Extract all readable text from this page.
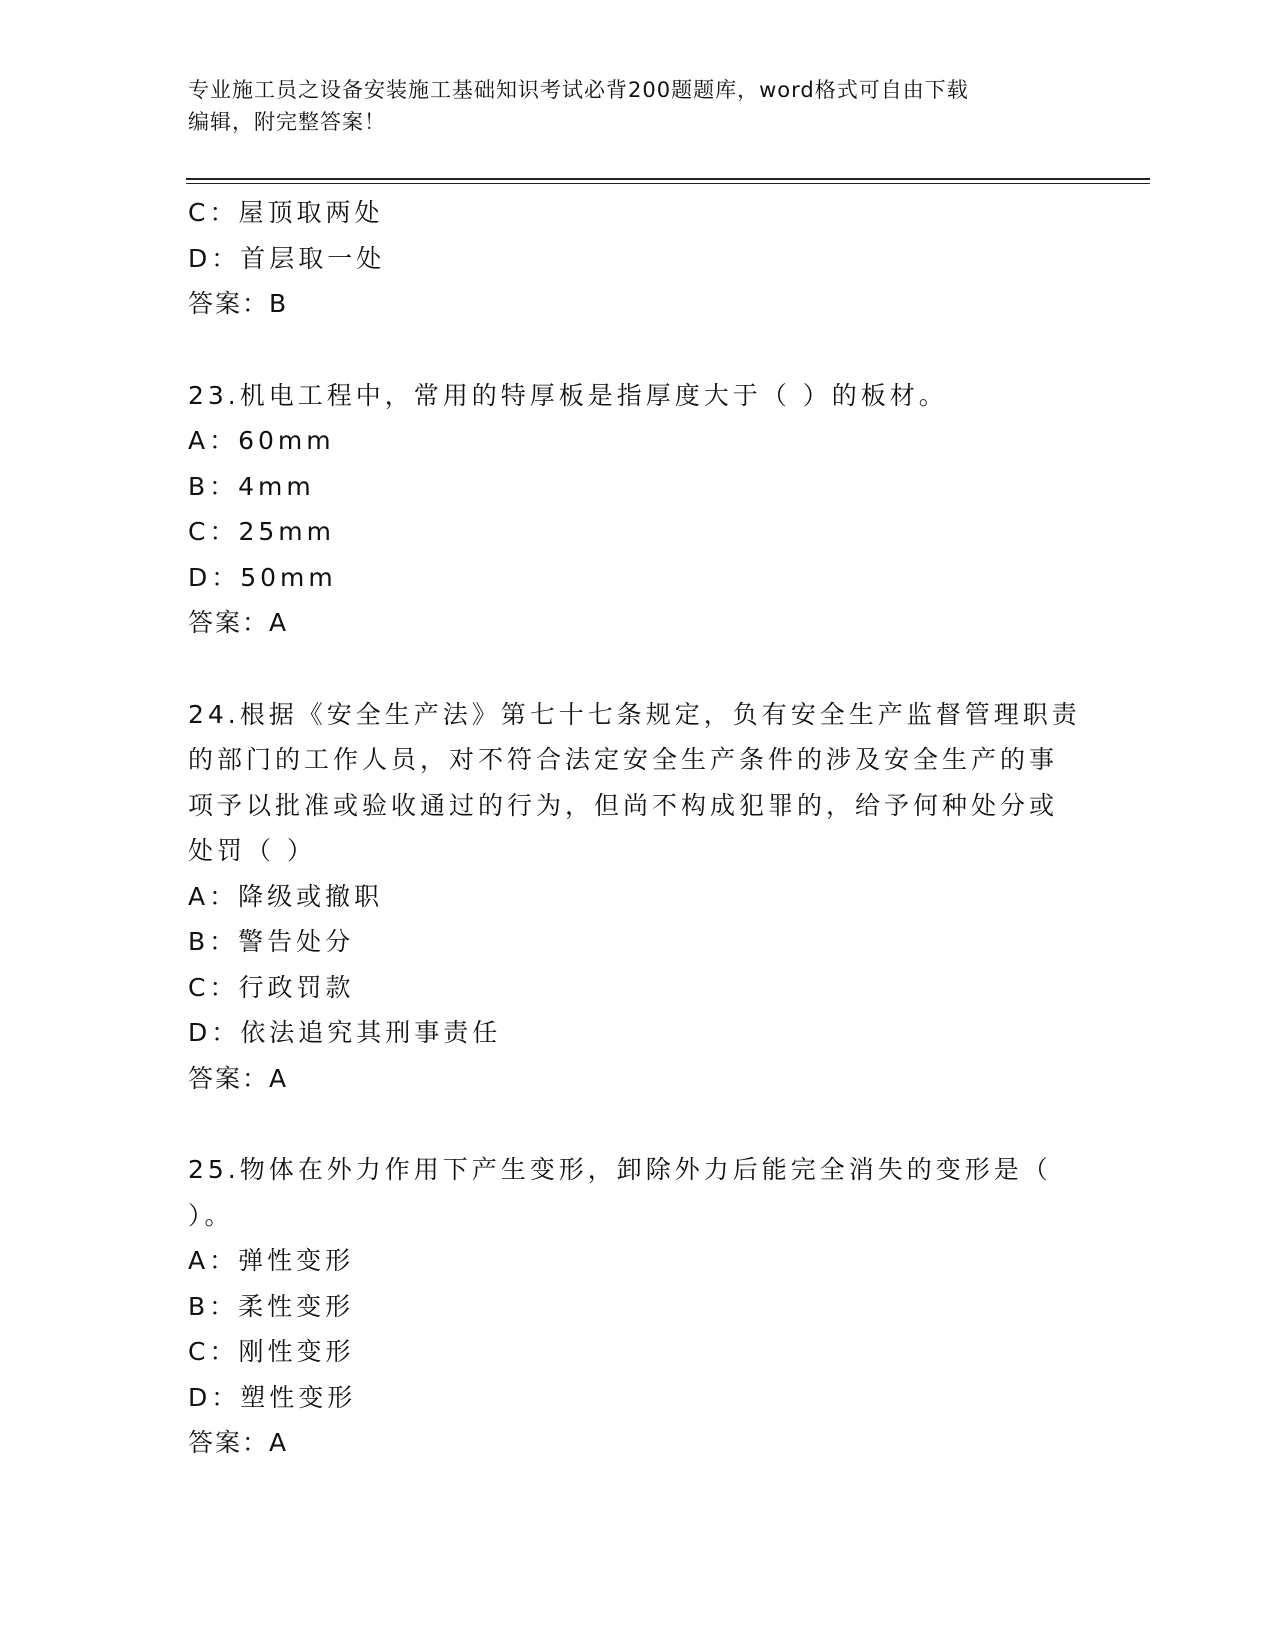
专业施工员之设备安装施工基础知识考试必背200题题库，word格式可自由下载
编辑，附完整答案！
C：屋顶取两处
D：首层取一处
答案：B
23.机电工程中，常用的特厚板是指厚度大于（ ）的板材。
A：60mm
B：4mm
C：25mm
D：50mm
答案：A
24.根据《安全生产法》第七十七条规定，负有安全生产监督管理职责
的部门的工作人员，对不符合法定安全生产条件的涉及安全生产的事
项予以批准或验收通过的行为，但尚不构成犯罪的，给予何种处分或
处罚（ ）
A：降级或撤职
B：警告处分
C：行政罚款
D：依法追究其刑事责任
答案：A
25.物体在外力作用下产生变形，卸除外力后能完全消失的变形是（
）。
A：弹性变形
B：柔性变形
C：刚性变形
D：塑性变形
答案：A
